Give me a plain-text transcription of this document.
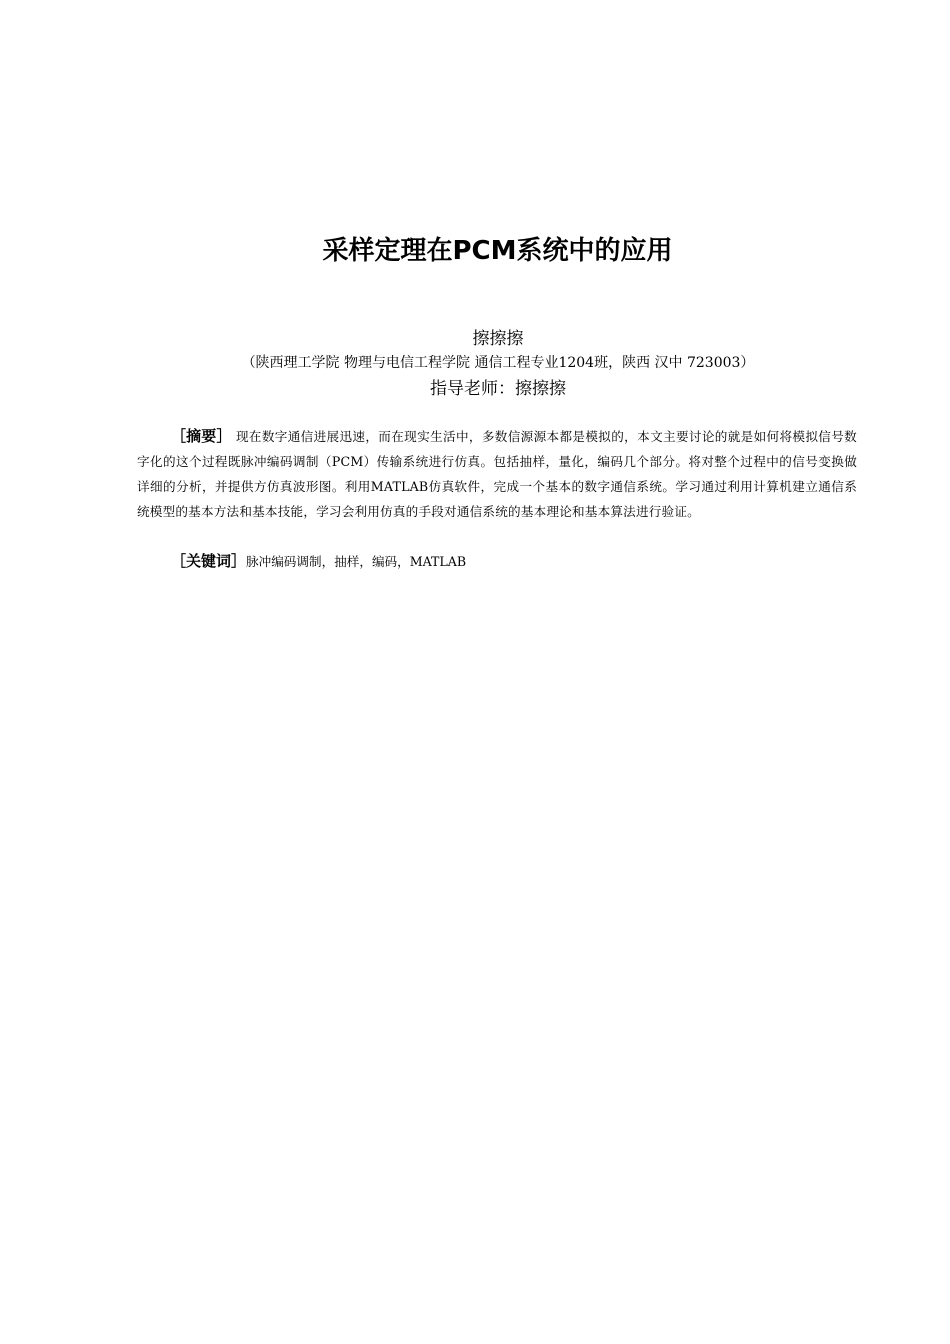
采样定理在PCM系统中的应用
擦擦擦
（陕西理工学院 物理与电信工程学院 通信工程专业1204班，陕西 汉中 723003）
指导老师：擦擦擦
［摘要］ 现在数字通信进展迅速，而在现实生活中，多数信源源本都是模拟的，本文主要讨论的就是如何将模拟信号数字化的这个过程既脉冲编码调制（PCM）传输系统进行仿真。包括抽样，量化，编码几个部分。将对整个过程中的信号变换做详细的分析，并提供方仿真波形图。利用MATLAB仿真软件，完成一个基本的数字通信系统。学习通过利用计算机建立通信系统模型的基本方法和基本技能，学习会利用仿真的手段对通信系统的基本理论和基本算法进行验证。
［关键词］脉冲编码调制，抽样，编码，MATLAB
